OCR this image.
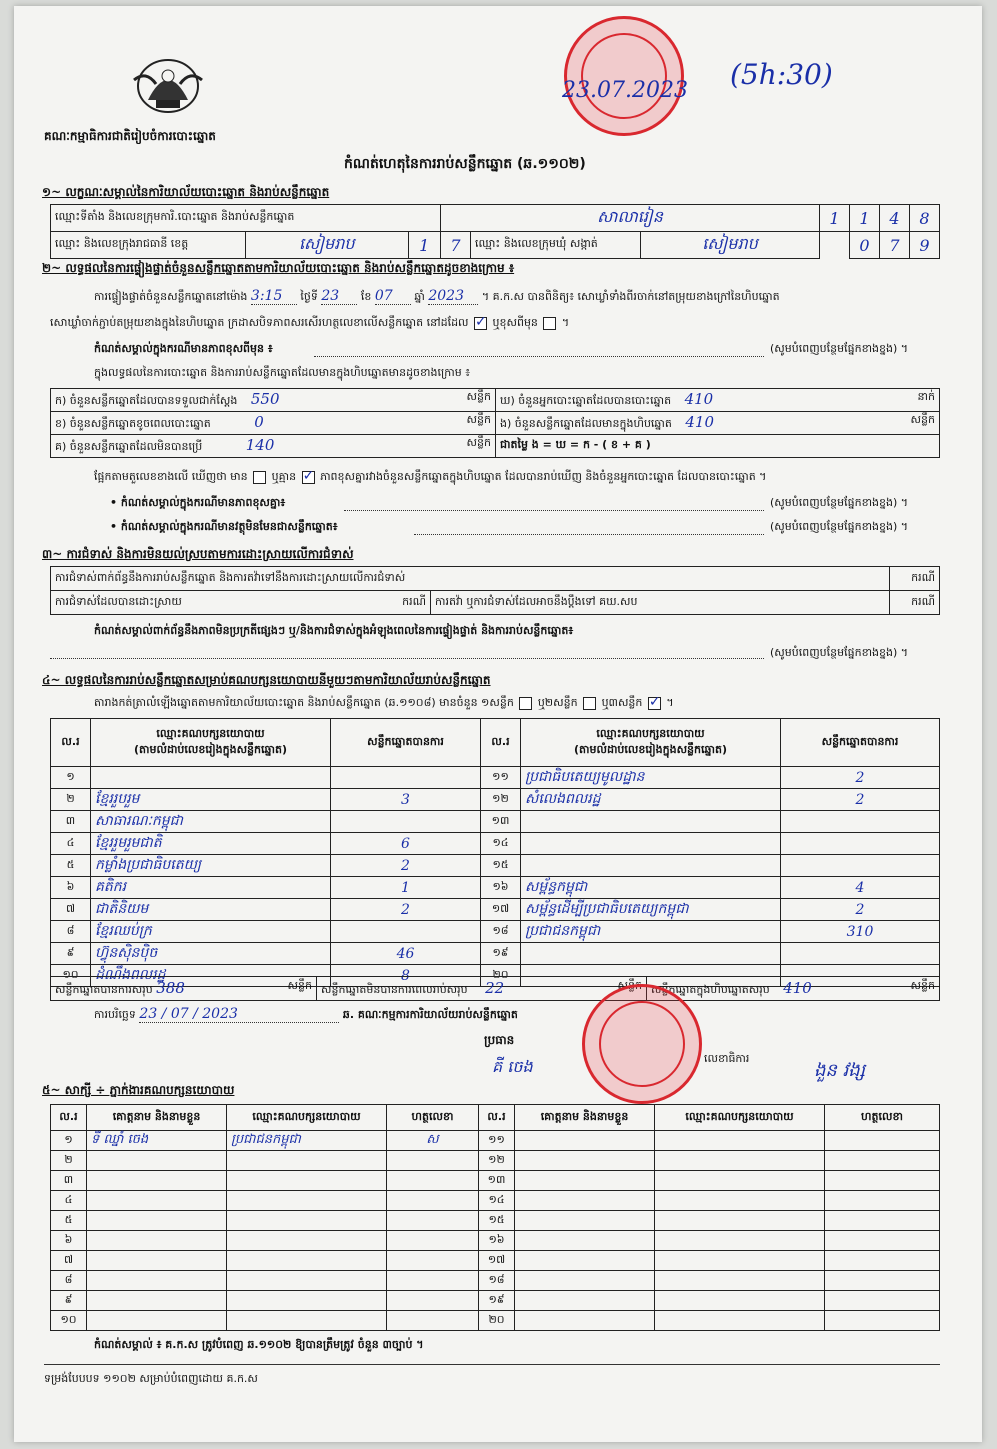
គណៈកម្មាធិការជាតិរៀបចំការបោះឆ្នោត
23.07.2023 (5h:30)
កំណត់ហេតុនៃការរាប់សន្លឹកឆ្នោត (ឆ.១១០២)
១~ លក្ខណៈសម្គាល់នៃការិយាល័យបោះឆ្នោត និងរាប់សន្លឹកឆ្នោត
ឈ្មោះទីតាំង និងលេខក្រុមការិ.បោះឆ្នោត និងរាប់សន្លឹកឆ្នោត			សាលារៀន			1	1	4	8
ឈ្មោះ និងលេខក្រុងរាជធានី ខេត្ត	សៀមរាប	1	7	ឈ្មោះ និងលេខក្រុមឃុំ សង្កាត់	សៀមរាប		0	7	9
២~ លទ្ធផលនៃការផ្ទៀងផ្ទាត់ចំនួនសន្លឹកឆ្នោតតាមការិយាល័យបោះឆ្នោត និងរាប់សន្លឹកឆ្នោតដូចខាងក្រោម ៖
ការផ្ទៀងផ្ទាត់ចំនួនសន្លឹកឆ្នោតនៅម៉ោង 3:15 ថ្ងៃទី 23 ខែ 07 ឆ្នាំ 2023 ។ គ.ក.ស បានពិនិត្យ៖ សោឃ្លាំទាំងពីរចាក់នៅតម្រុយខាងក្រៅនៃហិបឆ្នោត
សោឃ្លាំចាក់ភ្ជាប់តម្រុយខាងក្នុងនៃហិបឆ្នោត ក្រដាសបិទភាពសរសើរហត្ថលេខាលើសន្លឹកឆ្នោត នៅដដែល ✓ ឬខុសពីមុន  ។
កំណត់សម្គាល់ក្នុងករណីមានភាពខុសពីមុន ៖	(សូមបំពេញបន្ថែមផ្នែកខាងខ្នង) ។
ក្នុងលទ្ធផលនៃការបោះឆ្នោត និងការរាប់សន្លឹកឆ្នោតដែលមានក្នុងហិបឆ្នោតមានដូចខាងក្រោម ៖
ក) ចំនួនសន្លឹកឆ្នោតដែលបានទទួលជាក់ស្តែង 550 សន្លឹក	ឃ) ចំនួនអ្នកបោះឆ្នោតដែលបានបោះឆ្នោត 410 នាក់

ខ) ចំនួនសន្លឹកឆ្នោតខូចពេលបោះឆ្នោត 0 សន្លឹក	ង) ចំនួនសន្លឹកឆ្នោតដែលមានក្នុងហិបឆ្នោត 410 សន្លឹក

គ) ចំនួនសន្លឹកឆ្នោតដែលមិនបានប្រើ 140 សន្លឹក	ជាតម្លៃ ង = ឃ = ក - ( ខ + គ )
ផ្អែកតាមតួលេខខាងលើ ឃើញថា មាន ឬគ្មាន ✓ ភាពខុសគ្នារវាងចំនួនសន្លឹកឆ្នោតក្នុងហិបឆ្នោត ដែលបានរាប់ឃើញ និងចំនួនអ្នកបោះឆ្នោត ដែលបានបោះឆ្នោត ។
• កំណត់សម្គាល់ក្នុងករណីមានភាពខុសគ្នា៖	(សូមបំពេញបន្ថែមផ្នែកខាងខ្នង) ។
• កំណត់សម្គាល់ក្នុងករណីមានវត្ថុមិនមែនជាសន្លឹកឆ្នោត៖	(សូមបំពេញបន្ថែមផ្នែកខាងខ្នង) ។
៣~ ការជំទាស់ និងការមិនយល់ស្របតាមការដោះស្រាយលើការជំទាស់
ការជំទាស់ពាក់ព័ន្ធនឹងការរាប់សន្លឹកឆ្នោត និងការតវ៉ាទៅនឹងការដោះស្រាយលើការជំទាស់		ករណី
ការជំទាស់ដែលបានដោះស្រាយ ករណី	ការតវ៉ា ឬការជំទាស់ដែលអាចនឹងប្តឹងទៅ គឃ.សប	ករណី
កំណត់សម្គាល់ពាក់ព័ន្ធនឹងភាពមិនប្រក្រតីផ្សេងៗ ឬ/និងការជំទាស់ក្នុងអំឡុងពេលនៃការផ្ទៀងផ្ទាត់ និងការរាប់សន្លឹកឆ្នោត៖
(សូមបំពេញបន្ថែមផ្នែកខាងខ្នង) ។
៤~ លទ្ធផលនៃការរាប់សន្លឹកឆ្នោតសម្រាប់គណបក្សនយោបាយនីមួយៗតាមការិយាល័យរាប់សន្លឹកឆ្នោត
តារាងកត់ត្រាលំឡើងឆ្នោតតាមការិយាល័យបោះឆ្នោត និងរាប់សន្លឹកឆ្នោត (ឆ.១១០៨) មានចំនួន ១សន្លឹក ឬ២សន្លឹក ឬ៣សន្លឹក ✓ ។
ល.រ	ឈ្មោះគណបក្សនយោបាយ
(តាមលំដាប់លេខរៀងក្នុងសន្លឹកឆ្នោត)	សន្លឹកឆ្នោតបានការ	ល.រ	ឈ្មោះគណបក្សនយោបាយ
(តាមលំដាប់លេខរៀងក្នុងសន្លឹកឆ្នោត)	សន្លឹកឆ្នោតបានការ
១			១១	ប្រជាធិបតេយ្យមូលដ្ឋាន	2
២	ខ្មែររួបរួម	3	១២	សំលេងពលរដ្ឋ	2
៣	សាធារណៈកម្ពុជា		១៣		
៤	ខ្មែររួមរួមជាតិ	6	១៤		
៥	កម្លាំងប្រជាធិបតេយ្យ	2	១៥		
៦	គតិករ	1	១៦	សម្ព័ន្ធកម្ពុជា	4
៧	ជាតិនិយម	2	១៧	សម្ព័ន្ធដើម្បីប្រជាធិបតេយ្យកម្ពុជា	2
៨	ខ្មែរឈប់ក្រ		១៨	ប្រជាជនកម្ពុជា	310
៩	ហ៊្វុនស៊ិនប៉ិច	46	១៩		
១០	ដំណឹងពលរដ្ឋ	8	២០		
សន្លឹកឆ្នោតបានការសរុប 388	សន្លឹក	សន្លឹកឆ្នោតមិនបានការពេលរាប់សរុប 22	សន្លឹក	សន្លឹកឆ្នោតក្នុងហិបឆ្នោតសរុប 410	សន្លឹក
ការបរិច្ឆេទ 23 / 07 / 2023	ឆ. គណៈកម្មការការិយាល័យរាប់សន្លឹកឆ្នោត
ប្រធាន
គី ចេង	លេខាធិការ
ងួន វង្ស
៥~ សាក្សី ÷ ភ្នាក់ងារគណបក្សនយោបាយ
ល.រ	គោត្តនាម និងនាមខ្លួន	ឈ្មោះគណបក្សនយោបាយ	ហត្ថលេខា	ល.រ	គោត្តនាម និងនាមខ្លួន	ឈ្មោះគណបក្សនយោបាយ	ហត្ថលេខា
១	ទី ឈ្នាំ ចេង	ប្រជាជនកម្ពុជា	ស	១១			
២				១២			
៣				១៣			
៤				១៤			
៥				១៥			
៦				១៦			
៧				១៧			
៨				១៨			
៩				១៩			
១០				២០			
កំណត់សម្គាល់ ៖ គ.ក.ស ត្រូវបំពេញ ឆ.១១០២ ឱ្យបានត្រឹមត្រូវ ចំនួន ៣ច្បាប់ ។
ទម្រង់បែបបទ ១១០២ សម្រាប់បំពេញដោយ គ.ក.ស
